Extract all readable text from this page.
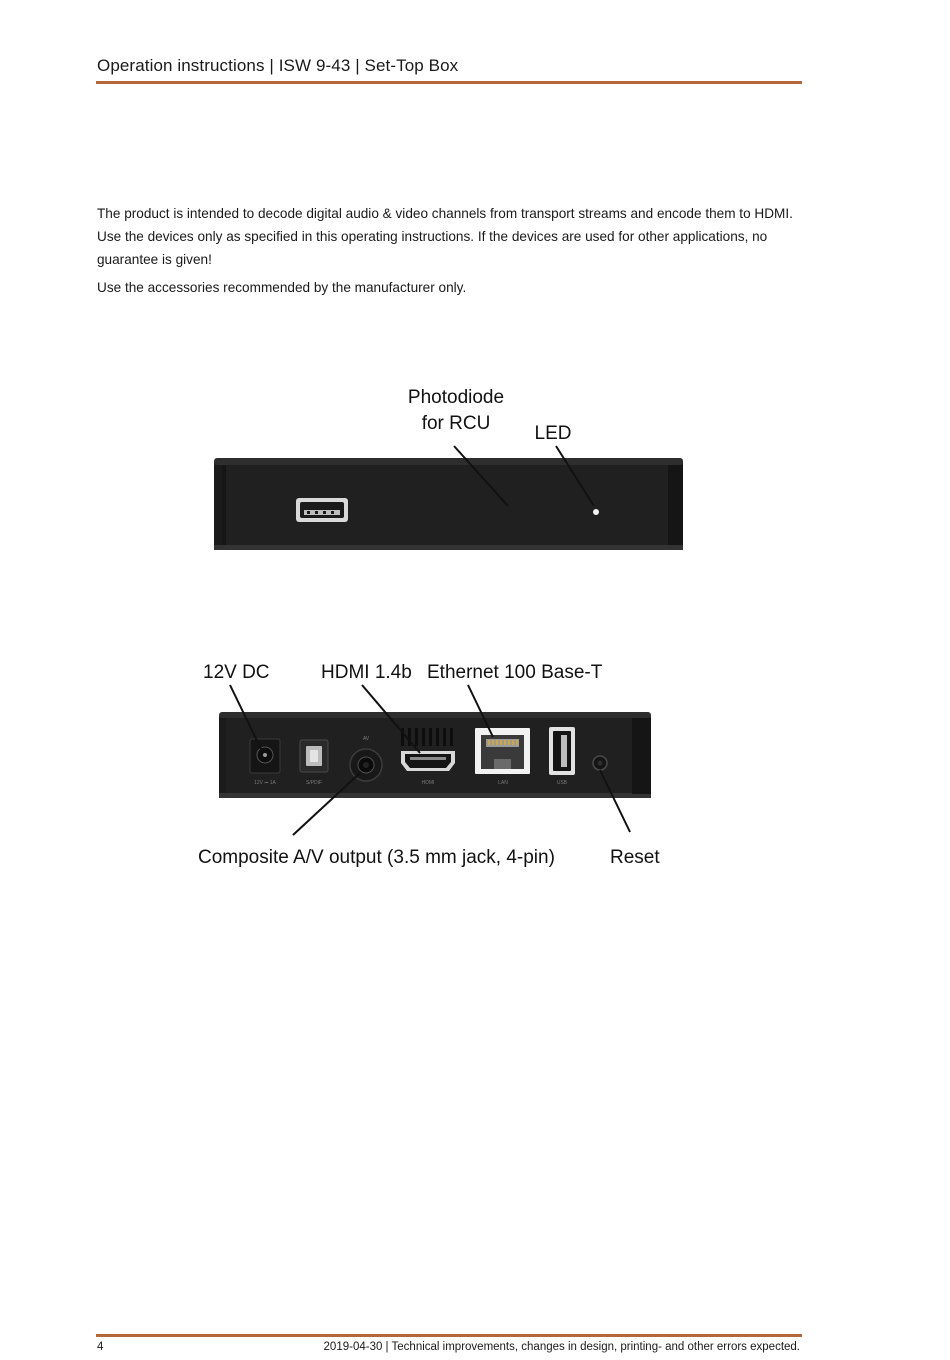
Operation instructions | ISW 9-43 | Set-Top Box

The product is intended to decode digital audio & video channels from transport streams and encode them to HDMI. Use the devices only as specified in this operating instructions. If the devices are used for other applications, no guarantee is given!

Use the accessories recommended by the manufacturer only.

Photodiode
for RCU LED
12V DC	HDMI 1.4b Ethernet 100 Base-T
Composite A/V output (3.5 mm jack, 4-pin)	Reset
12V ⎓ 1A	S/PDIF
AV
HDMI	LAN	USB
4	2019-04-30 | Technical improvements, changes in design, printing- and other errors expected.
